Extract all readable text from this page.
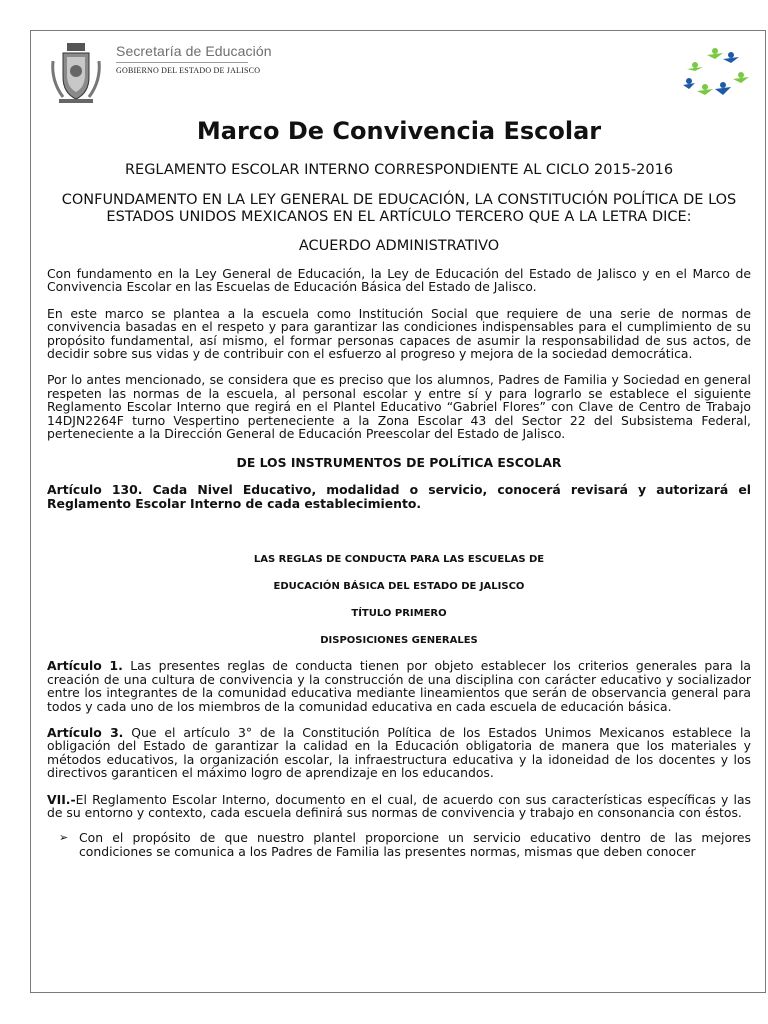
Secretaría de Educación
GOBIERNO DEL ESTADO DE JALISCO
Marco De Convivencia Escolar
REGLAMENTO ESCOLAR INTERNO CORRESPONDIENTE AL CICLO 2015-2016
CONFUNDAMENTO EN LA LEY GENERAL DE EDUCACIÓN, LA CONSTITUCIÓN POLÍTICA DE LOS ESTADOS UNIDOS MEXICANOS EN EL ARTÍCULO TERCERO QUE A LA LETRA DICE:
ACUERDO ADMINISTRATIVO

Con fundamento en la Ley General de Educación, la Ley de Educación del Estado de Jalisco y en el Marco de Convivencia Escolar en las Escuelas de Educación Básica del Estado de Jalisco.

En este marco se plantea a la escuela como Institución Social que requiere de una serie de normas de convivencia basadas en el respeto y para garantizar las condiciones indispensables para el cumplimiento de su propósito fundamental, así mismo, el formar personas capaces de asumir la responsabilidad de sus actos, de decidir sobre sus vidas y de contribuir con el esfuerzo al progreso y mejora de la sociedad democrática.

Por lo antes mencionado, se considera que es preciso que los alumnos, Padres de Familia y Sociedad en general respeten las normas de la escuela, al personal escolar y entre sí y para lograrlo se establece el siguiente Reglamento Escolar Interno que regirá en el Plantel Educativo “Gabriel Flores” con Clave de Centro de Trabajo 14DJN2264F turno Vespertino perteneciente a la Zona Escolar 43 del Sector 22 del Subsistema Federal, perteneciente a la Dirección General de Educación Preescolar del Estado de Jalisco.

DE LOS INSTRUMENTOS DE POLÍTICA ESCOLAR

Artículo 130. Cada Nivel Educativo, modalidad o servicio, conocerá revisará y autorizará el Reglamento Escolar Interno de cada establecimiento.

LAS REGLAS DE CONDUCTA PARA LAS ESCUELAS DE
EDUCACIÓN BÁSICA DEL ESTADO DE JALISCO
TÍTULO PRIMERO
DISPOSICIONES GENERALES

Artículo 1. Las presentes reglas de conducta tienen por objeto establecer los criterios generales para la creación de una cultura de convivencia y la construcción de una disciplina con carácter educativo y socializador entre los integrantes de la comunidad educativa mediante lineamientos que serán de observancia general para todos y cada uno de los miembros de la comunidad educativa en cada escuela de educación básica.

Artículo 3. Que el artículo 3° de la Constitución Política de los Estados Unimos Mexicanos establece la obligación del Estado de garantizar la calidad en la Educación obligatoria de manera que los materiales y métodos educativos, la organización escolar, la infraestructura educativa y la idoneidad de los docentes y los directivos garanticen el máximo logro de aprendizaje en los educandos.

VII.-El Reglamento Escolar Interno, documento en el cual, de acuerdo con sus características específicas y las de su entorno y contexto, cada escuela definirá sus normas de convivencia y trabajo en consonancia con éstos.

➢ Con el propósito de que nuestro plantel proporcione un servicio educativo dentro de las mejores condiciones se comunica a los Padres de Familia las presentes normas, mismas que deben conocer
